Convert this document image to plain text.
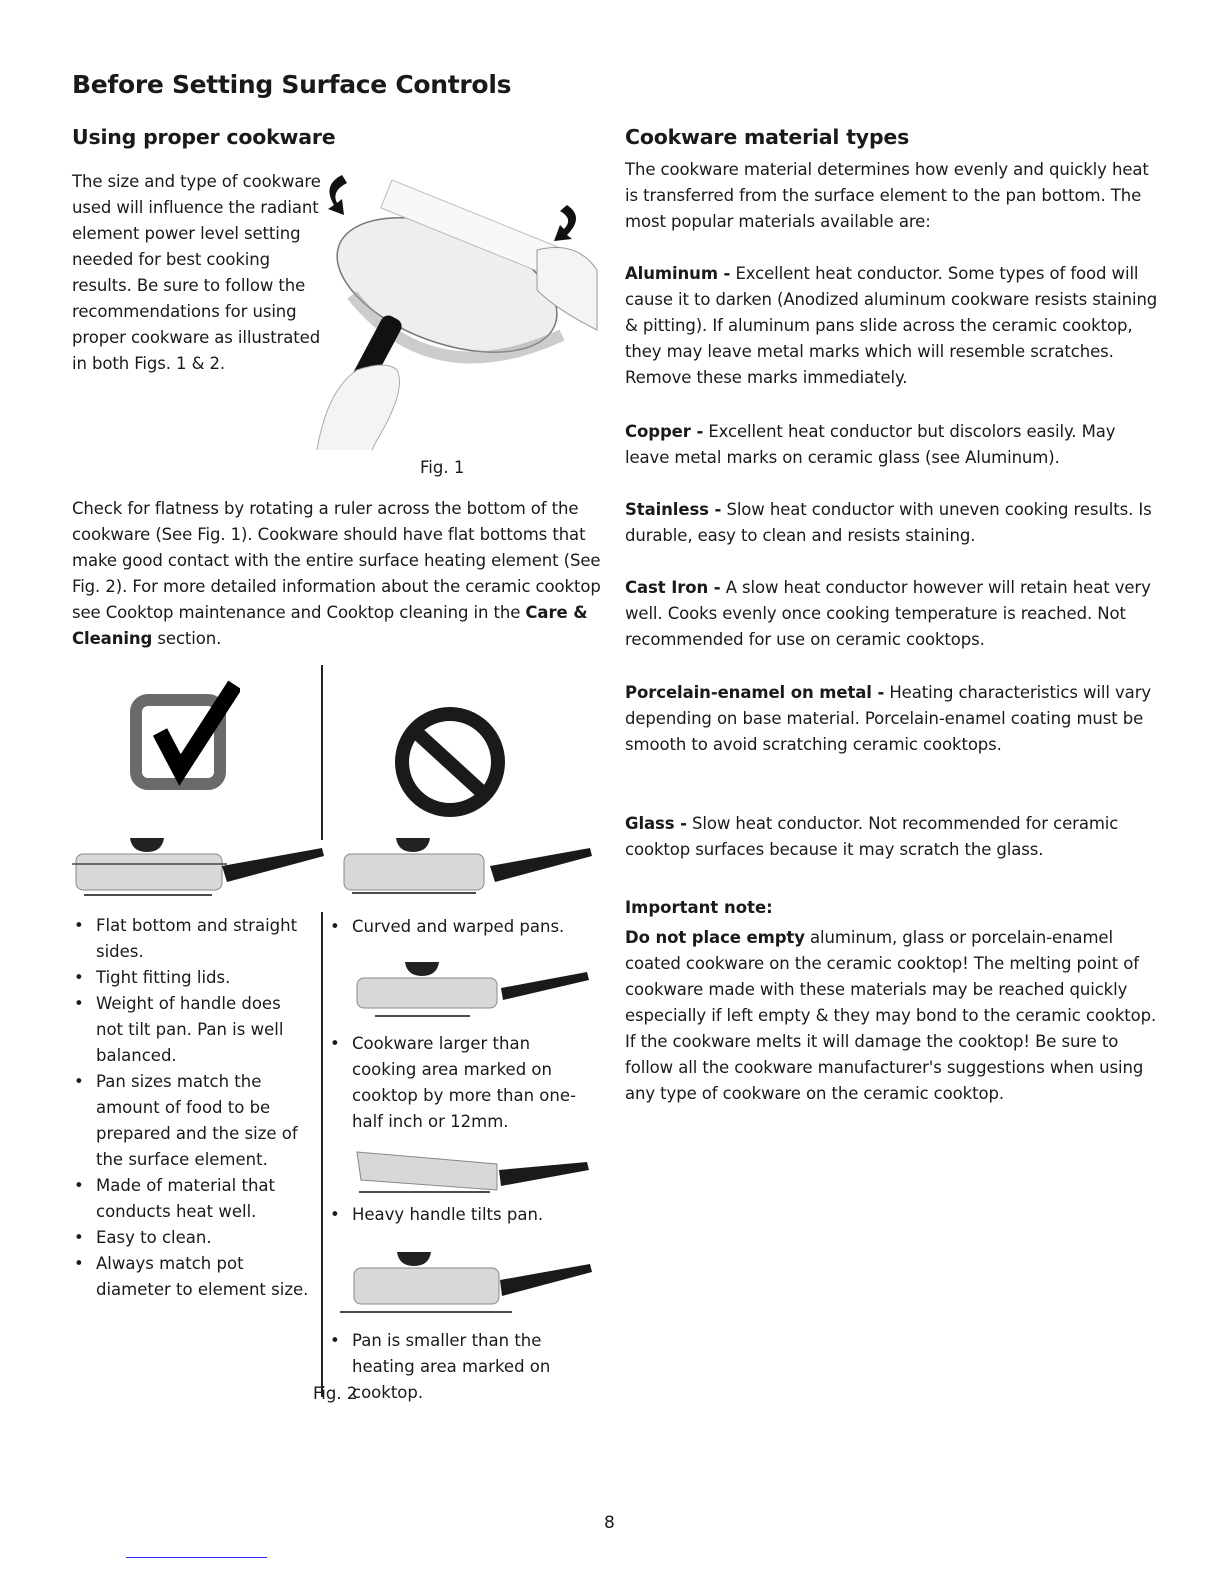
Before Setting Surface Controls
Using proper cookware
The size and type of cookware used will influence the radiant element power level setting needed for best cooking results. Be sure to follow the recommendations for using proper cookware as illustrated in both Figs. 1 & 2.
Fig. 1
Check for flatness by rotating a ruler across the bottom of the cookware (See Fig. 1). Cookware should have flat bottoms that make good contact with the entire surface heating element (See Fig. 2). For more detailed information about the ceramic cooktop see Cooktop maintenance and Cooktop cleaning in the Care & Cleaning section.
• Flat bottom and straight sides.
• Tight fitting lids.
• Weight of handle does not tilt pan. Pan is well balanced.
• Pan sizes match the amount of food to be prepared and the size of the surface element.
• Made of material that conducts heat well.
• Easy to clean.
• Always match pot diameter to element size.
• Curved and warped pans.
• Cookware larger than cooking area marked on cooktop by more than one-half inch or 12mm.
• Heavy handle tilts pan.
• Pan is smaller than the heating area marked on cooktop.
Fig. 2
Cookware material types
The cookware material determines how evenly and quickly heat is transferred from the surface element to the pan bottom. The most popular materials available are:
Aluminum - Excellent heat conductor. Some types of food will cause it to darken (Anodized aluminum cookware resists staining & pitting). If aluminum pans slide across the ceramic cooktop, they may leave metal marks which will resemble scratches. Remove these marks immediately.
Copper - Excellent heat conductor but discolors easily. May leave metal marks on ceramic glass (see Aluminum).
Stainless - Slow heat conductor with uneven cooking results. Is durable, easy to clean and resists staining.
Cast Iron - A slow heat conductor however will retain heat very well. Cooks evenly once cooking temperature is reached. Not recommended for use on ceramic cooktops.
Porcelain-enamel on metal - Heating characteristics will vary depending on base material. Porcelain-enamel coating must be smooth to avoid scratching ceramic cooktops.
Glass - Slow heat conductor. Not recommended for ceramic cooktop surfaces because it may scratch the glass.
Important note:
Do not place empty aluminum, glass or porcelain-enamel coated cookware on the ceramic cooktop! The melting point of cookware made with these materials may be reached quickly especially if left empty & they may bond to the ceramic cooktop. If the cookware melts it will damage the cooktop! Be sure to follow all the cookware manufacturer's suggestions when using any type of cookware on the ceramic cooktop.
8
